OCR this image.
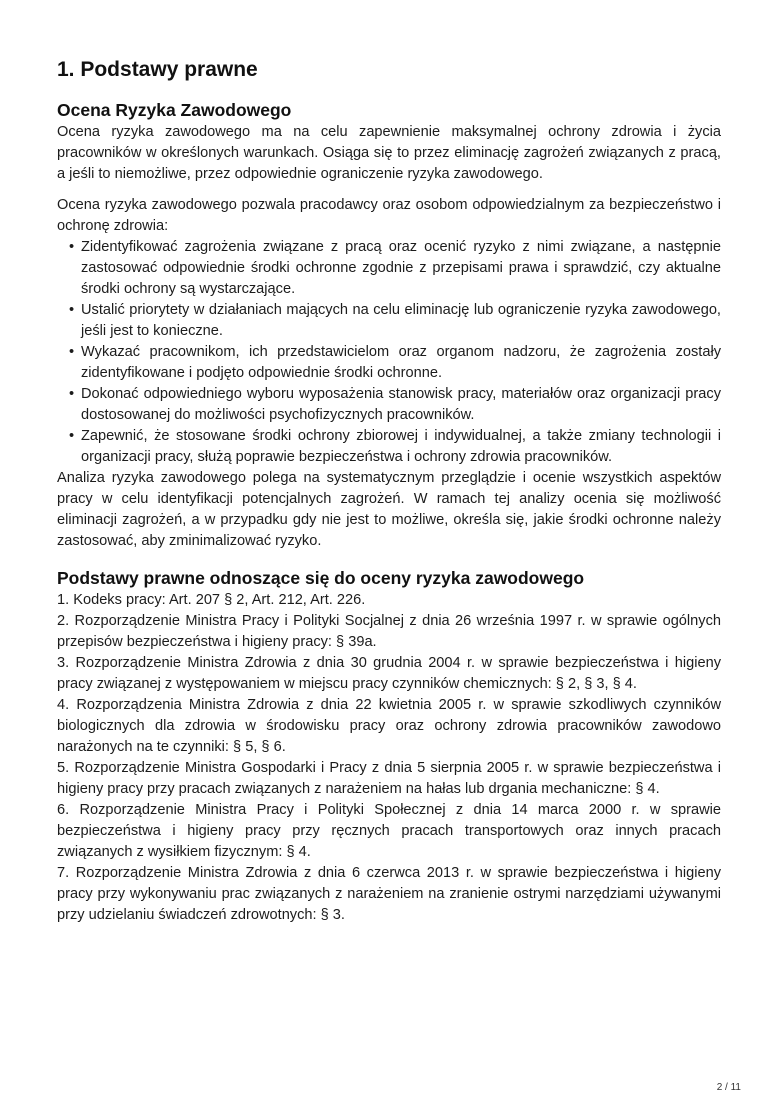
1. Podstawy prawne
Ocena Ryzyka Zawodowego

Ocena ryzyka zawodowego ma na celu zapewnienie maksymalnej ochrony zdrowia i życia pracowników w określonych warunkach. Osiąga się to przez eliminację zagrożeń związanych z pracą, a jeśli to niemożliwe, przez odpowiednie ograniczenie ryzyka zawodowego.

Ocena ryzyka zawodowego pozwala pracodawcy oraz osobom odpowiedzialnym za bezpieczeństwo i ochronę zdrowia:

• Zidentyfikować zagrożenia związane z pracą oraz ocenić ryzyko z nimi związane, a następnie zastosować odpowiednie środki ochronne zgodnie z przepisami prawa i sprawdzić, czy aktualne środki ochrony są wystarczające.
• Ustalić priorytety w działaniach mających na celu eliminację lub ograniczenie ryzyka zawodowego, jeśli jest to konieczne.
• Wykazać pracownikom, ich przedstawicielom oraz organom nadzoru, że zagrożenia zostały zidentyfikowane i podjęto odpowiednie środki ochronne.
• Dokonać odpowiedniego wyboru wyposażenia stanowisk pracy, materiałów oraz organizacji pracy dostosowanej do możliwości psychofizycznych pracowników.
• Zapewnić, że stosowane środki ochrony zbiorowej i indywidualnej, a także zmiany technologii i organizacji pracy, służą poprawie bezpieczeństwa i ochrony zdrowia pracowników.

Analiza ryzyka zawodowego polega na systematycznym przeglądzie i ocenie wszystkich aspektów pracy w celu identyfikacji potencjalnych zagrożeń. W ramach tej analizy ocenia się możliwość eliminacji zagrożeń, a w przypadku gdy nie jest to możliwe, określa się, jakie środki ochronne należy zastosować, aby zminimalizować ryzyko.

Podstawy prawne odnoszące się do oceny ryzyka zawodowego

1. Kodeks pracy: Art. 207 § 2, Art. 212, Art. 226.

2. Rozporządzenie Ministra Pracy i Polityki Socjalnej z dnia 26 września 1997 r. w sprawie ogólnych przepisów bezpieczeństwa i higieny pracy: § 39a.

3. Rozporządzenie Ministra Zdrowia z dnia 30 grudnia 2004 r. w sprawie bezpieczeństwa i higieny pracy związanej z występowaniem w miejscu pracy czynników chemicznych: § 2, § 3, § 4.

4. Rozporządzenia Ministra Zdrowia z dnia 22 kwietnia 2005 r. w sprawie szkodliwych czynników biologicznych dla zdrowia w środowisku pracy oraz ochrony zdrowia pracowników zawodowo narażonych na te czynniki: § 5, § 6.

5. Rozporządzenie Ministra Gospodarki i Pracy z dnia 5 sierpnia 2005 r. w sprawie bezpieczeństwa i higieny pracy przy pracach związanych z narażeniem na hałas lub drgania mechaniczne: § 4.

6. Rozporządzenie Ministra Pracy i Polityki Społecznej z dnia 14 marca 2000 r. w sprawie bezpieczeństwa i higieny pracy przy ręcznych pracach transportowych oraz innych pracach związanych z wysiłkiem fizycznym: § 4.

7. Rozporządzenie Ministra Zdrowia z dnia 6 czerwca 2013 r. w sprawie bezpieczeństwa i higieny pracy przy wykonywaniu prac związanych z narażeniem na zranienie ostrymi narzędziami używanymi przy udzielaniu świadczeń zdrowotnych: § 3.

2 / 11
